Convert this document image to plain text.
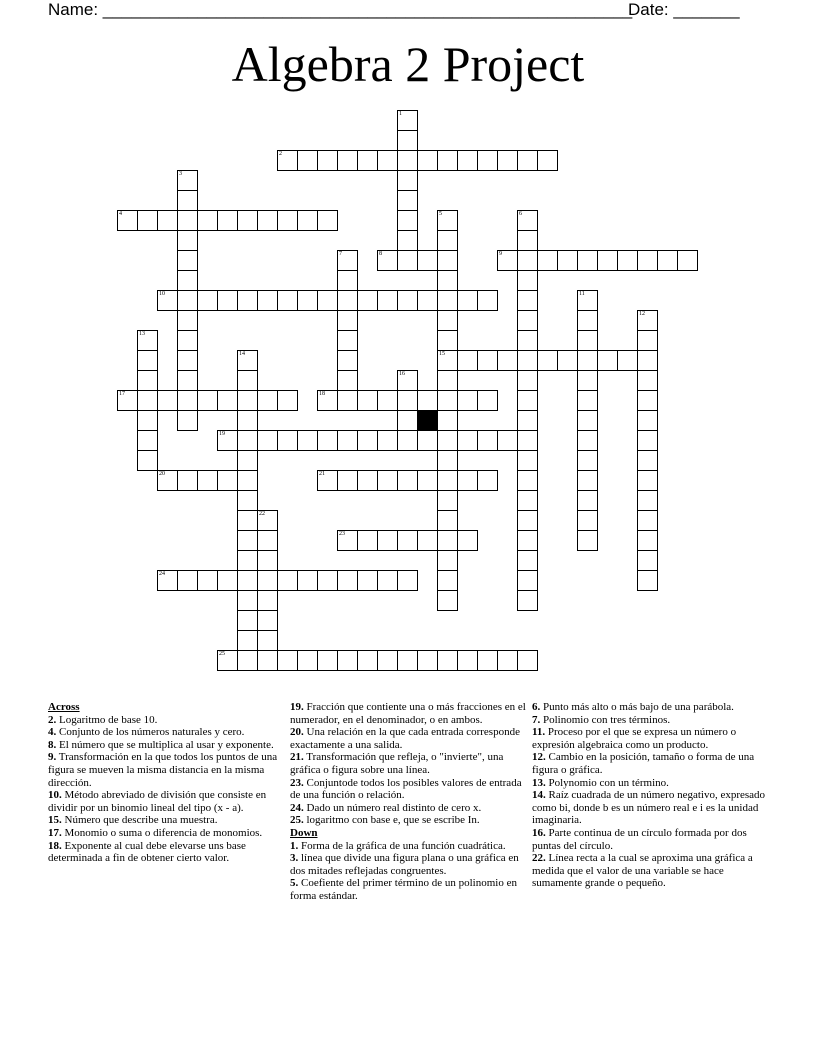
Name: ________________________________________________________
Date: _______
Algebra 2 Project
2
4
8	9
10
15
17	18
19
20	21
23
24
25
1
3
5	6
7
11
12
13
14
16
22
Across
2. Logaritmo de base 10.
4. Conjunto de los números naturales y cero.
8. El número que se multiplica al usar y exponente.
9. Transformación en la que todos los puntos de una figura se mueven la misma distancia en la misma dirección.
10. Método abreviado de división que consiste en dividir por un binomio lineal del tipo (x - a).
15. Número que describe una muestra.
17. Monomio o suma o diferencia de monomios.
18. Exponente al cual debe elevarse uns base determinada a fin de obtener cierto valor.
19. Fracción que contiente una o más fracciones en el numerador, en el denominador, o en ambos.
20. Una relación en la que cada entrada corresponde exactamente a una salida.
21. Transformación que refleja, o "invierte", una gráfica o figura sobre una línea.
23. Conjuntode todos los posibles valores de entrada de una función o relación.
24. Dado un número real distinto de cero x.
25. logaritmo con base e, que se escribe In.
Down
1. Forma de la gráfica de una función cuadrática.
3. línea que divide una figura plana o una gráfica en dos mitades reflejadas congruentes.
5. Coefiente del primer término de un polinomio en forma estándar.
6. Punto más alto o más bajo de una parábola.
7. Polinomio con tres términos.
11. Proceso por el que se expresa un número o expresión algebraica como un producto.
12. Cambio en la posición, tamaño o forma de una figura o gráfica.
13. Polynomio con un término.
14. Raíz cuadrada de un número negativo, expresado como bi, donde b es un número real e i es la unidad imaginaria.
16. Parte continua de un círculo formada por dos puntas del círculo.
22. Línea recta a la cual se aproxima una gráfica a medida que el valor de una variable se hace sumamente grande o pequeño.
